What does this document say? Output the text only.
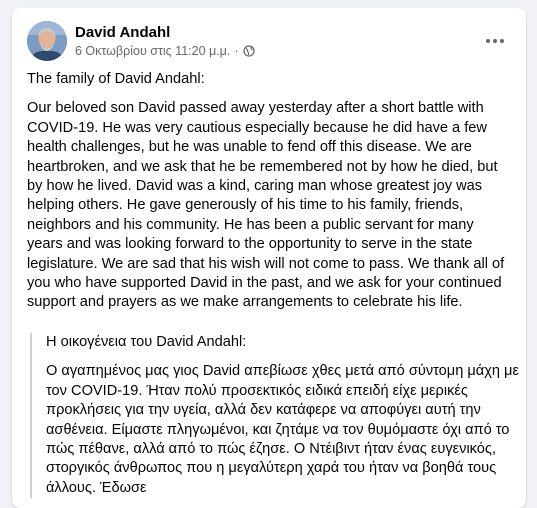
David Andahl
6 Οκτωβρίου στις 11:20 μ.μ. ·

The family of David Andahl:

Our beloved son David passed away yesterday after a short battle with COVID-19. He was very cautious especially because he did have a few health challenges, but he was unable to fend off this disease. We are heartbroken, and we ask that he be remembered not by how he died, but by how he lived. David was a kind, caring man whose greatest joy was helping others. He gave generously of his time to his family, friends, neighbors and his community. He has been a public servant for many years and was looking forward to the opportunity to serve in the state legislature. We are sad that his wish will not come to pass. We thank all of you who have supported David in the past, and we ask for your continued support and prayers as we make arrangements to celebrate his life.

Η οικογένεια του David Andahl:

Ο αγαπημένος μας γιος David απεβίωσε χθες μετά από σύντομη μάχη με τον COVID-19. Ήταν πολύ προσεκτικός ειδικά επειδή είχε μερικές προκλήσεις για την υγεία, αλλά δεν κατάφερε να αποφύγει αυτή την ασθένεια. Είμαστε πληγωμένοι, και ζητάμε να τον θυμόμαστε όχι από το πώς πέθανε, αλλά από το πώς έζησε. Ο Ντέιβιντ ήταν ένας ευγενικός, στοργικός άνθρωπος που η μεγαλύτερη χαρά του ήταν να βοηθά τους άλλους. Έδωσε
